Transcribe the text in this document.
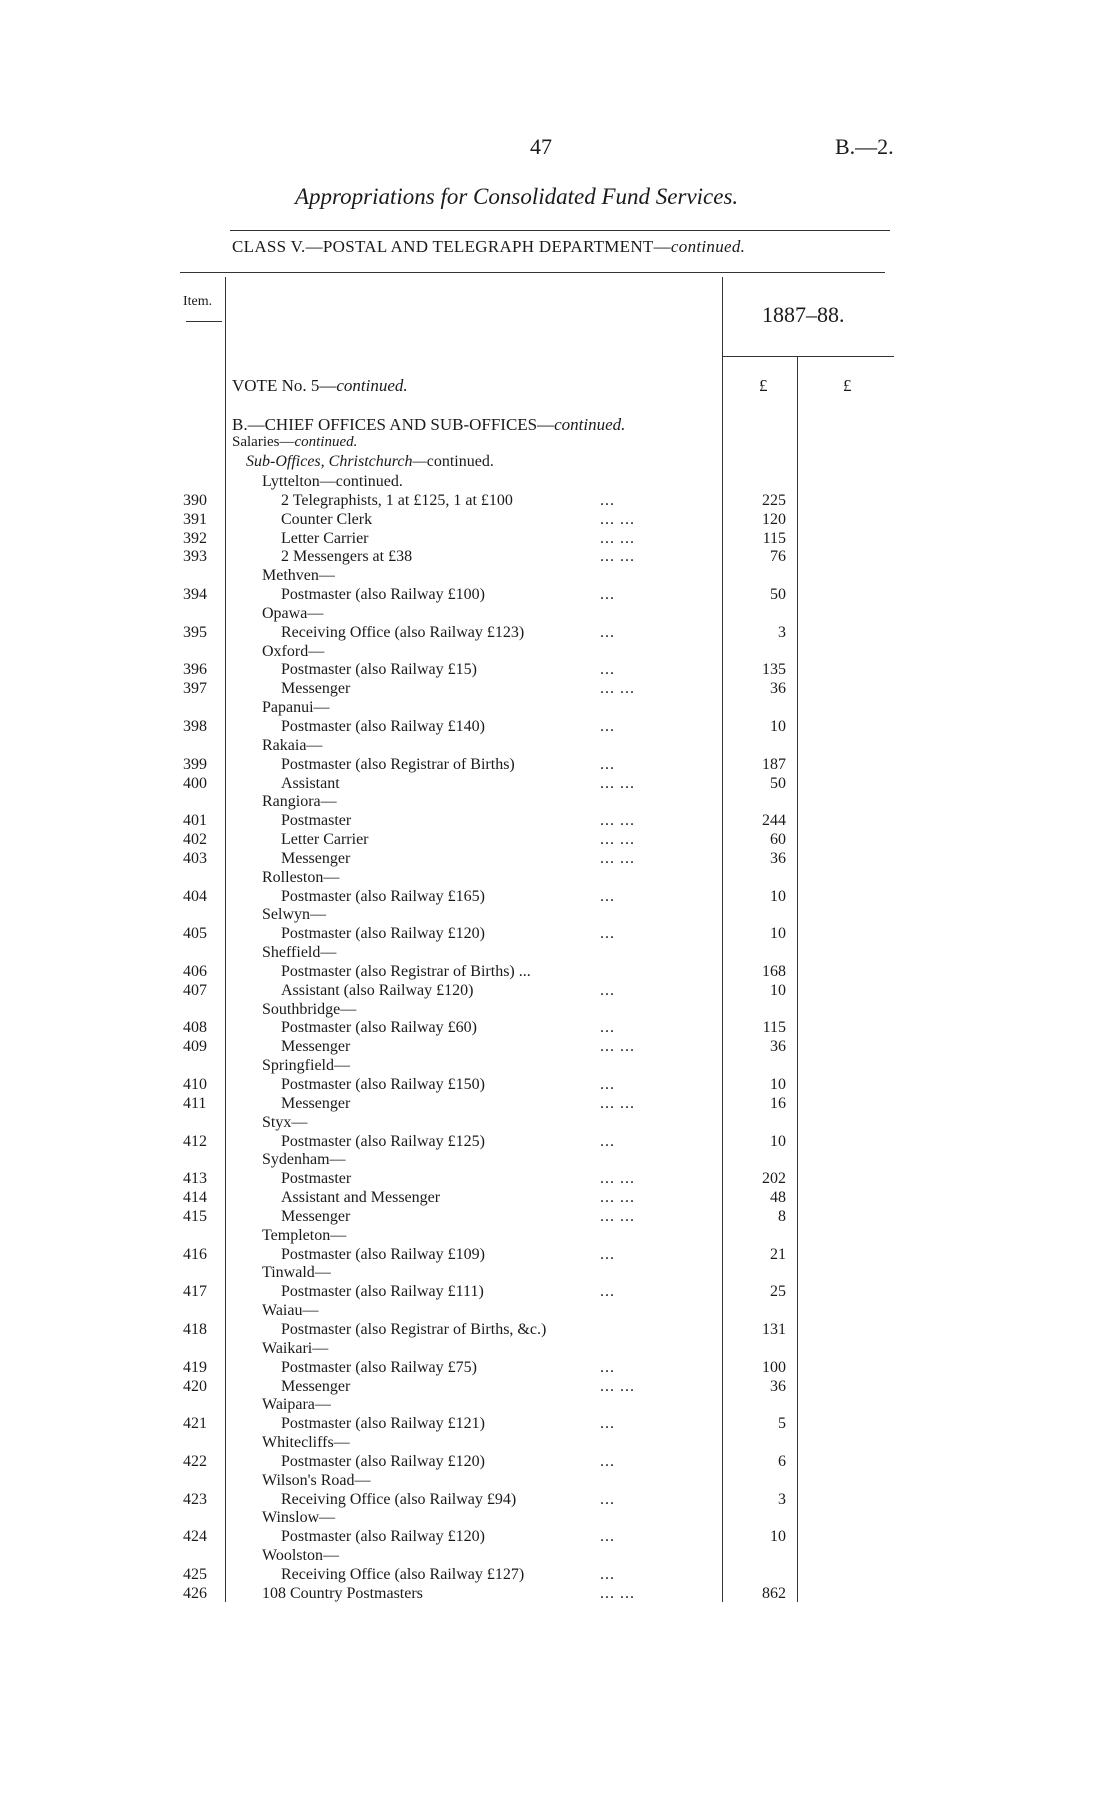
47	B.—2.
Appropriations for Consolidated Fund Services.
CLASS V.—POSTAL AND TELEGRAPH DEPARTMENT—continued.
Item.
1887–88.
VOTE No. 5—continued.	£	£
B.—CHIEF OFFICES AND SUB-OFFICES—continued.
Salaries—continued.
Sub-Offices, Christchurch—continued.
Lyttelton—continued.
390	2 Telegraphists, 1 at £125, 1 at £100	...	225
391	Counter Clerk	... ...	120
392	Letter Carrier	... ...	115
393	2 Messengers at £38	... ...	76
Methven—
394	Postmaster (also Railway £100)	...	50
Opawa—
395	Receiving Office (also Railway £123)	...	3
Oxford—
396	Postmaster (also Railway £15)	...	135
397	Messenger	... ...	36
Papanui—
398	Postmaster (also Railway £140)	...	10
Rakaia—
399	Postmaster (also Registrar of Births)	...	187
400	Assistant	... ...	50
Rangiora—
401	Postmaster	... ...	244
402	Letter Carrier	... ...	60
403	Messenger	... ...	36
Rolleston—
404	Postmaster (also Railway £165)	...	10
Selwyn—
405	Postmaster (also Railway £120)	...	10
Sheffield—
406	Postmaster (also Registrar of Births) ...	168
407	Assistant (also Railway £120)	...	10
Southbridge—
408	Postmaster (also Railway £60)	...	115
409	Messenger	... ...	36
Springfield—
410	Postmaster (also Railway £150)	...	10
411	Messenger	... ...	16
Styx—
412	Postmaster (also Railway £125)	...	10
Sydenham—
413	Postmaster	... ...	202
414	Assistant and Messenger	... ...	48
415	Messenger	... ...	8
Templeton—
416	Postmaster (also Railway £109)	...	21
Tinwald—
417	Postmaster (also Railway £111)	...	25
Waiau—
418	Postmaster (also Registrar of Births, &c.)	131
Waikari—
419	Postmaster (also Railway £75)	...	100
420	Messenger	... ...	36
Waipara—
421	Postmaster (also Railway £121)	...	5
Whitecliffs—
422	Postmaster (also Railway £120)	...	6
Wilson's Road—
423	Receiving Office (also Railway £94)	...	3
Winslow—
424	Postmaster (also Railway £120)	...	10
Woolston—
425	Receiving Office (also Railway £127)	...
426	108 Country Postmasters	... ...	862
